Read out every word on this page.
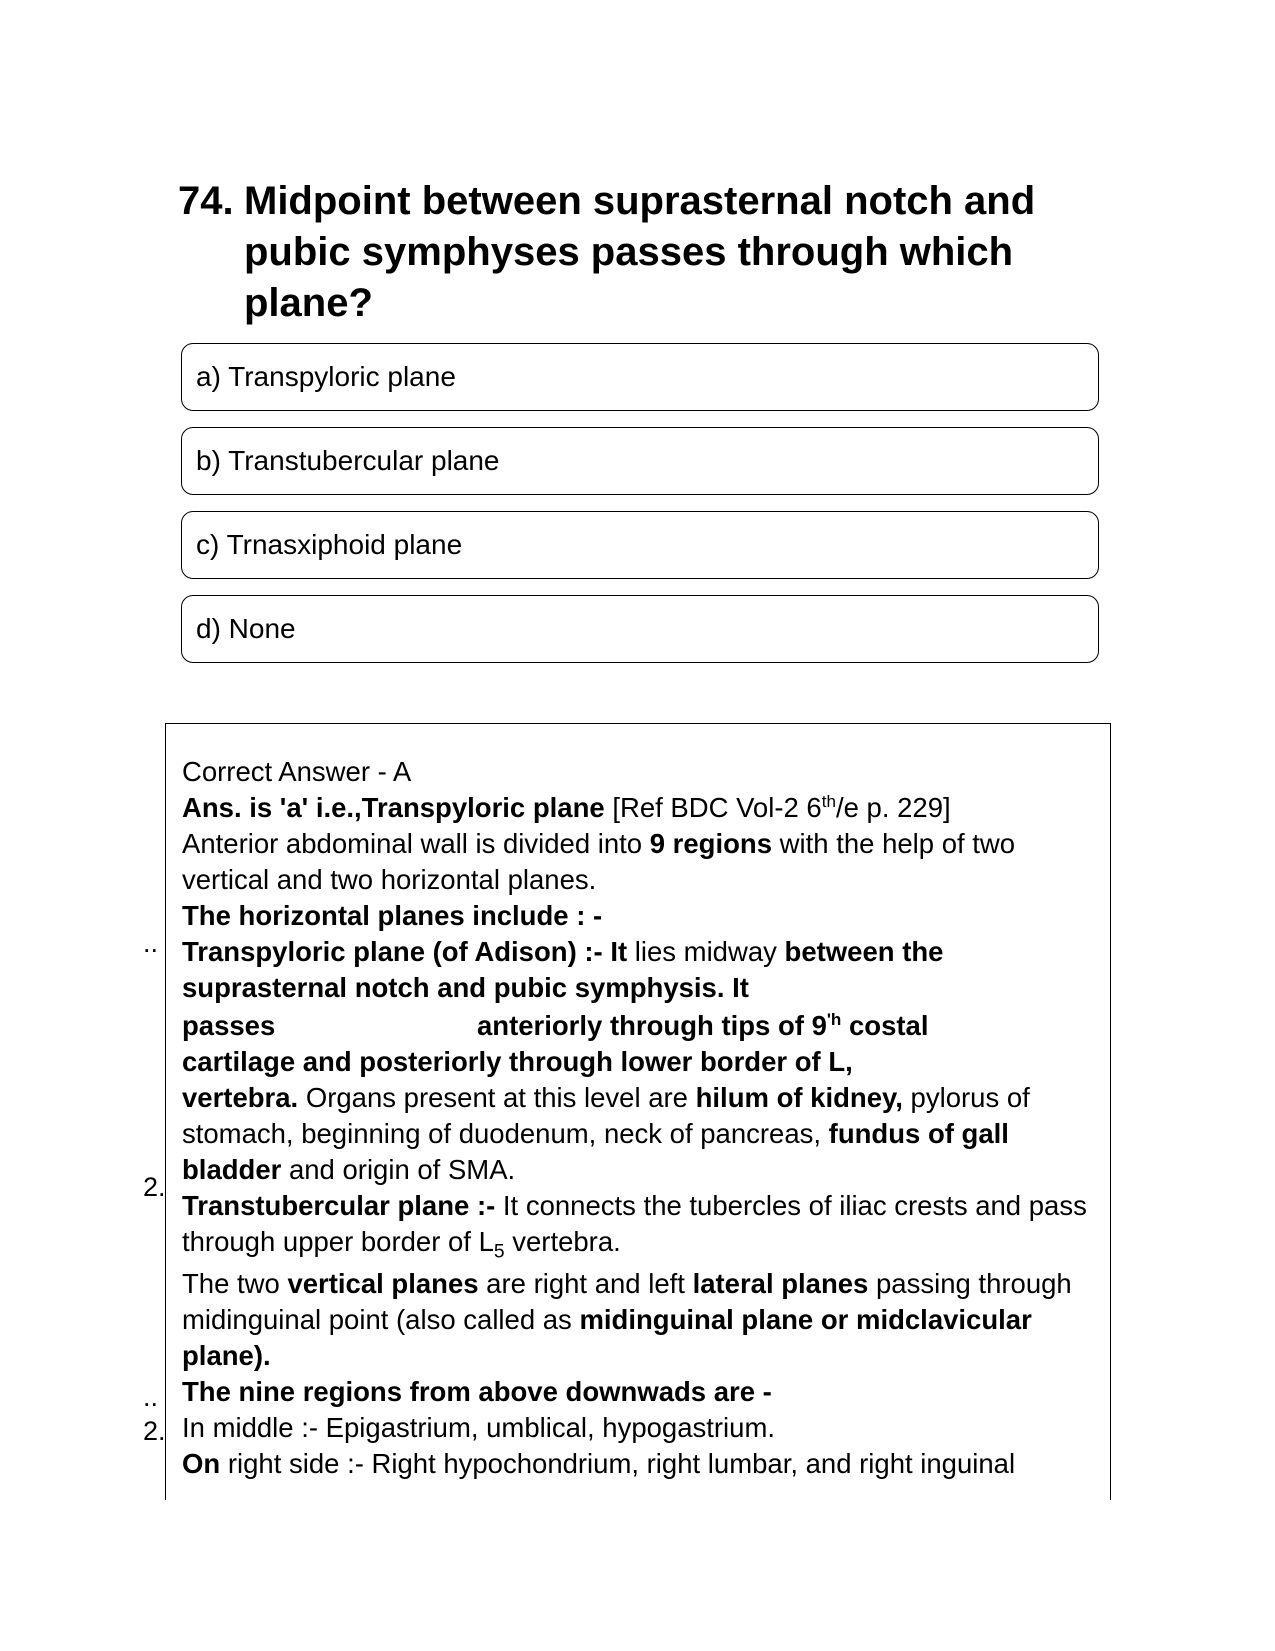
74. Midpoint between suprasternal notch and pubic symphyses passes through which plane?
a) Transpyloric plane
b) Transtubercular plane
c) Trnasxiphoid plane
d) None
..
2.
..
2.

Correct Answer - A

Ans. is 'a' i.e.,Transpyloric plane [Ref BDC Vol-2 6th/e p. 229]

Anterior abdominal wall is divided into 9 regions with the help of two vertical and two horizontal planes.

The horizontal planes include : -

Transpyloric plane (of Adison) :- It lies midway between the suprasternal notch and pubic symphysis. It

passes	anteriorly through tips of $9^{'h}$ costal

cartilage and posteriorly through lower border of L,

vertebra. Organs present at this level are hilum of kidney, pylorus of stomach, beginning of duodenum, neck of pancreas, fundus of gall bladder and origin of SMA.

Transtubercular plane :- It connects the tubercles of iliac crests and pass through upper border of $L_5$ vertebra.

The two vertical planes are right and left lateral planes passing through midinguinal point (also called as midinguinal plane or midclavicular plane).

The nine regions from above downwads are -

In middle :- Epigastrium, umblical, hypogastrium.

On right side :- Right hypochondrium, right lumbar, and right inguinal
